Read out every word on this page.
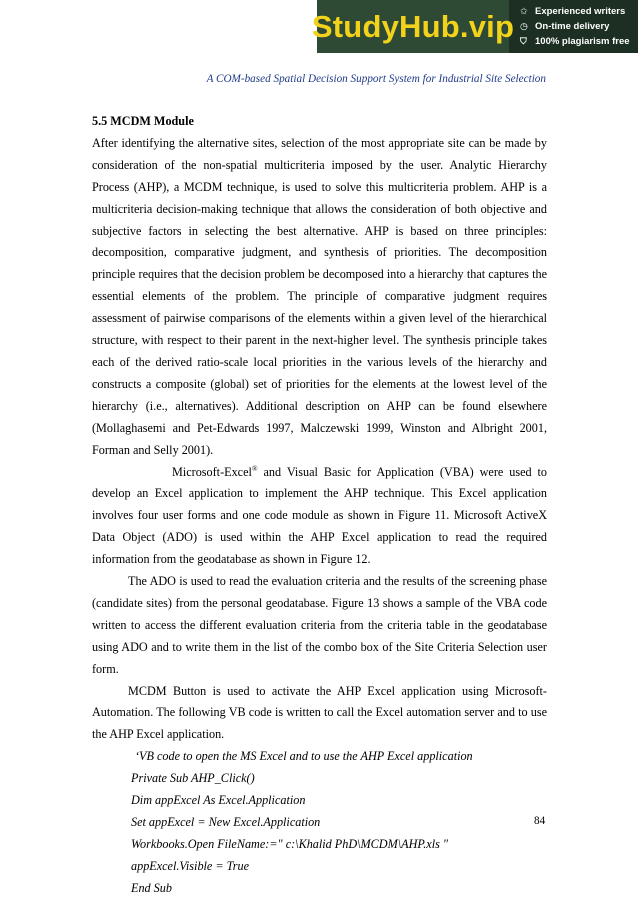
StudyHub.vip ✩ Experienced writers
◷ On-time delivery
⛉ 100% plagiarism free
A COM-based Spatial Decision Support System for Industrial Site Selection

5.5 MCDM Module

After identifying the alternative sites, selection of the most appropriate site can be made by consideration of the non-spatial multicriteria imposed by the user. Analytic Hierarchy Process (AHP), a MCDM technique, is used to solve this multicriteria problem. AHP is a multicriteria decision-making technique that allows the consideration of both objective and subjective factors in selecting the best alternative. AHP is based on three principles: decomposition, comparative judgment, and synthesis of priorities. The decomposition principle requires that the decision problem be decomposed into a hierarchy that captures the essential elements of the problem. The principle of comparative judgment requires assessment of pairwise comparisons of the elements within a given level of the hierarchical structure, with respect to their parent in the next-higher level. The synthesis principle takes each of the derived ratio-scale local priorities in the various levels of the hierarchy and constructs a composite (global) set of priorities for the elements at the lowest level of the hierarchy (i.e., alternatives). Additional description on AHP can be found elsewhere (Mollaghasemi and Pet-Edwards 1997, Malczewski 1999, Winston and Albright 2001, Forman and Selly 2001).

Microsoft-Excel® and Visual Basic for Application (VBA) were used to develop an Excel application to implement the AHP technique. This Excel application involves four user forms and one code module as shown in Figure 11. Microsoft ActiveX Data Object (ADO) is used within the AHP Excel application to read the required information from the geodatabase as shown in Figure 12.

The ADO is used to read the evaluation criteria and the results of the screening phase (candidate sites) from the personal geodatabase. Figure 13 shows a sample of the VBA code written to access the different evaluation criteria from the criteria table in the geodatabase using ADO and to write them in the list of the combo box of the Site Criteria Selection user form.

MCDM Button is used to activate the AHP Excel application using Microsoft-Automation. The following VB code is written to call the Excel automation server and to use the AHP Excel application.

‘VB code to open the MS Excel and to use the AHP Excel application

Private Sub AHP_Click()

Dim appExcel As Excel.Application

Set appExcel = New Excel.Application

Workbooks.Open FileName:=" c:\Khalid PhD\MCDM\AHP.xls "

appExcel.Visible = True

End Sub

84
